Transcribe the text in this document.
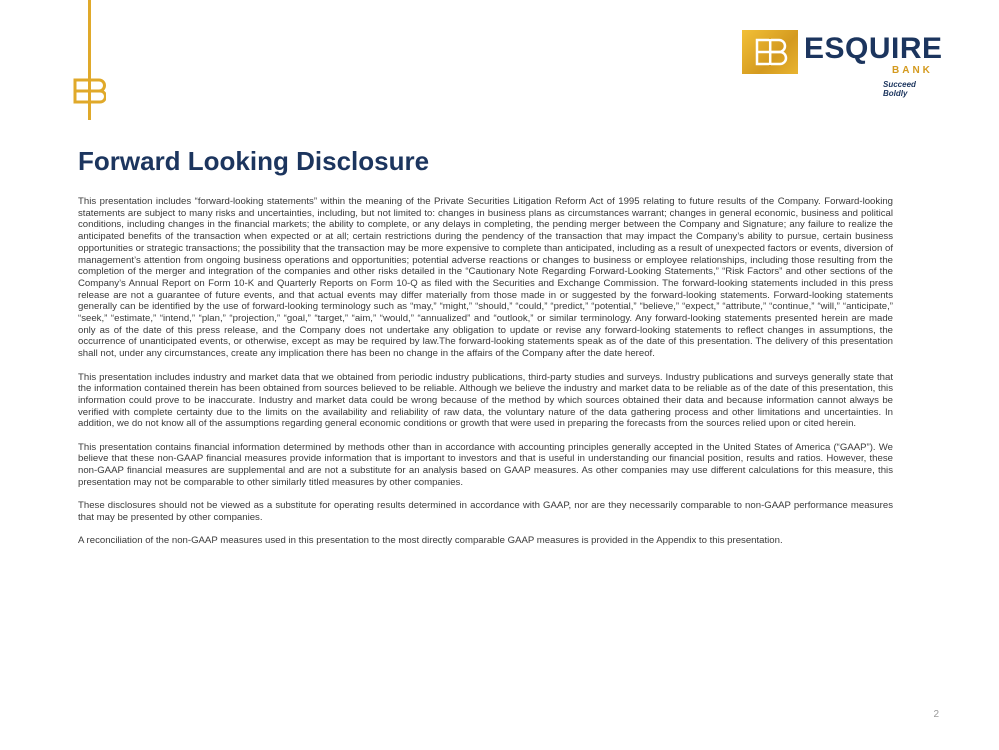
ESQUIRE
BANK
Succeed Boldly
Forward Looking Disclosure

This presentation includes “forward-looking statements” within the meaning of the Private Securities Litigation Reform Act of 1995 relating to future results of the Company. Forward-looking statements are subject to many risks and uncertainties, including, but not limited to: changes in business plans as circumstances warrant; changes in general economic, business and political conditions, including changes in the financial markets; the ability to complete, or any delays in completing, the pending merger between the Company and Signature; any failure to realize the anticipated benefits of the transaction when expected or at all; certain restrictions during the pendency of the transaction that may impact the Company’s ability to pursue, certain business opportunities or strategic transactions; the possibility that the transaction may be more expensive to complete than anticipated, including as a result of unexpected factors or events, diversion of management’s attention from ongoing business operations and opportunities; potential adverse reactions or changes to business or employee relationships, including those resulting from the completion of the merger and integration of the companies and other risks detailed in the “Cautionary Note Regarding Forward-Looking Statements,” “Risk Factors” and other sections of the Company’s Annual Report on Form 10-K and Quarterly Reports on Form 10-Q as filed with the Securities and Exchange Commission. The forward-looking statements included in this press release are not a guarantee of future events, and that actual events may differ materially from those made in or suggested by the forward-looking statements. Forward-looking statements generally can be identified by the use of forward-looking terminology such as “may,” “might,” “should,” “could,” “predict,” “potential,” “believe,” “expect,” “attribute,” “continue,” “will,” “anticipate,” “seek,” “estimate,” “intend,” “plan,” “projection,” “goal,” “target,” “aim,” “would,” “annualized” and “outlook,” or similar terminology. Any forward-looking statements presented herein are made only as of the date of this press release, and the Company does not undertake any obligation to update or revise any forward-looking statements to reflect changes in assumptions, the occurrence of unanticipated events, or otherwise, except as may be required by law.The forward-looking statements speak as of the date of this presentation. The delivery of this presentation shall not, under any circumstances, create any implication there has been no change in the affairs of the Company after the date hereof.

This presentation includes industry and market data that we obtained from periodic industry publications, third-party studies and surveys. Industry publications and surveys generally state that the information contained therein has been obtained from sources believed to be reliable. Although we believe the industry and market data to be reliable as of the date of this presentation, this information could prove to be inaccurate. Industry and market data could be wrong because of the method by which sources obtained their data and because information cannot always be verified with complete certainty due to the limits on the availability and reliability of raw data, the voluntary nature of the data gathering process and other limitations and uncertainties. In addition, we do not know all of the assumptions regarding general economic conditions or growth that were used in preparing the forecasts from the sources relied upon or cited herein.

This presentation contains financial information determined by methods other than in accordance with accounting principles generally accepted in the United States of America (“GAAP”). We believe that these non-GAAP financial measures provide information that is important to investors and that is useful in understanding our financial position, results and ratios. However, these non-GAAP financial measures are supplemental and are not a substitute for an analysis based on GAAP measures. As other companies may use different calculations for this measure, this presentation may not be comparable to other similarly titled measures by other companies.

These disclosures should not be viewed as a substitute for operating results determined in accordance with GAAP, nor are they necessarily comparable to non-GAAP performance measures that may be presented by other companies.

A reconciliation of the non-GAAP measures used in this presentation to the most directly comparable GAAP measures is provided in the Appendix to this presentation.

2
